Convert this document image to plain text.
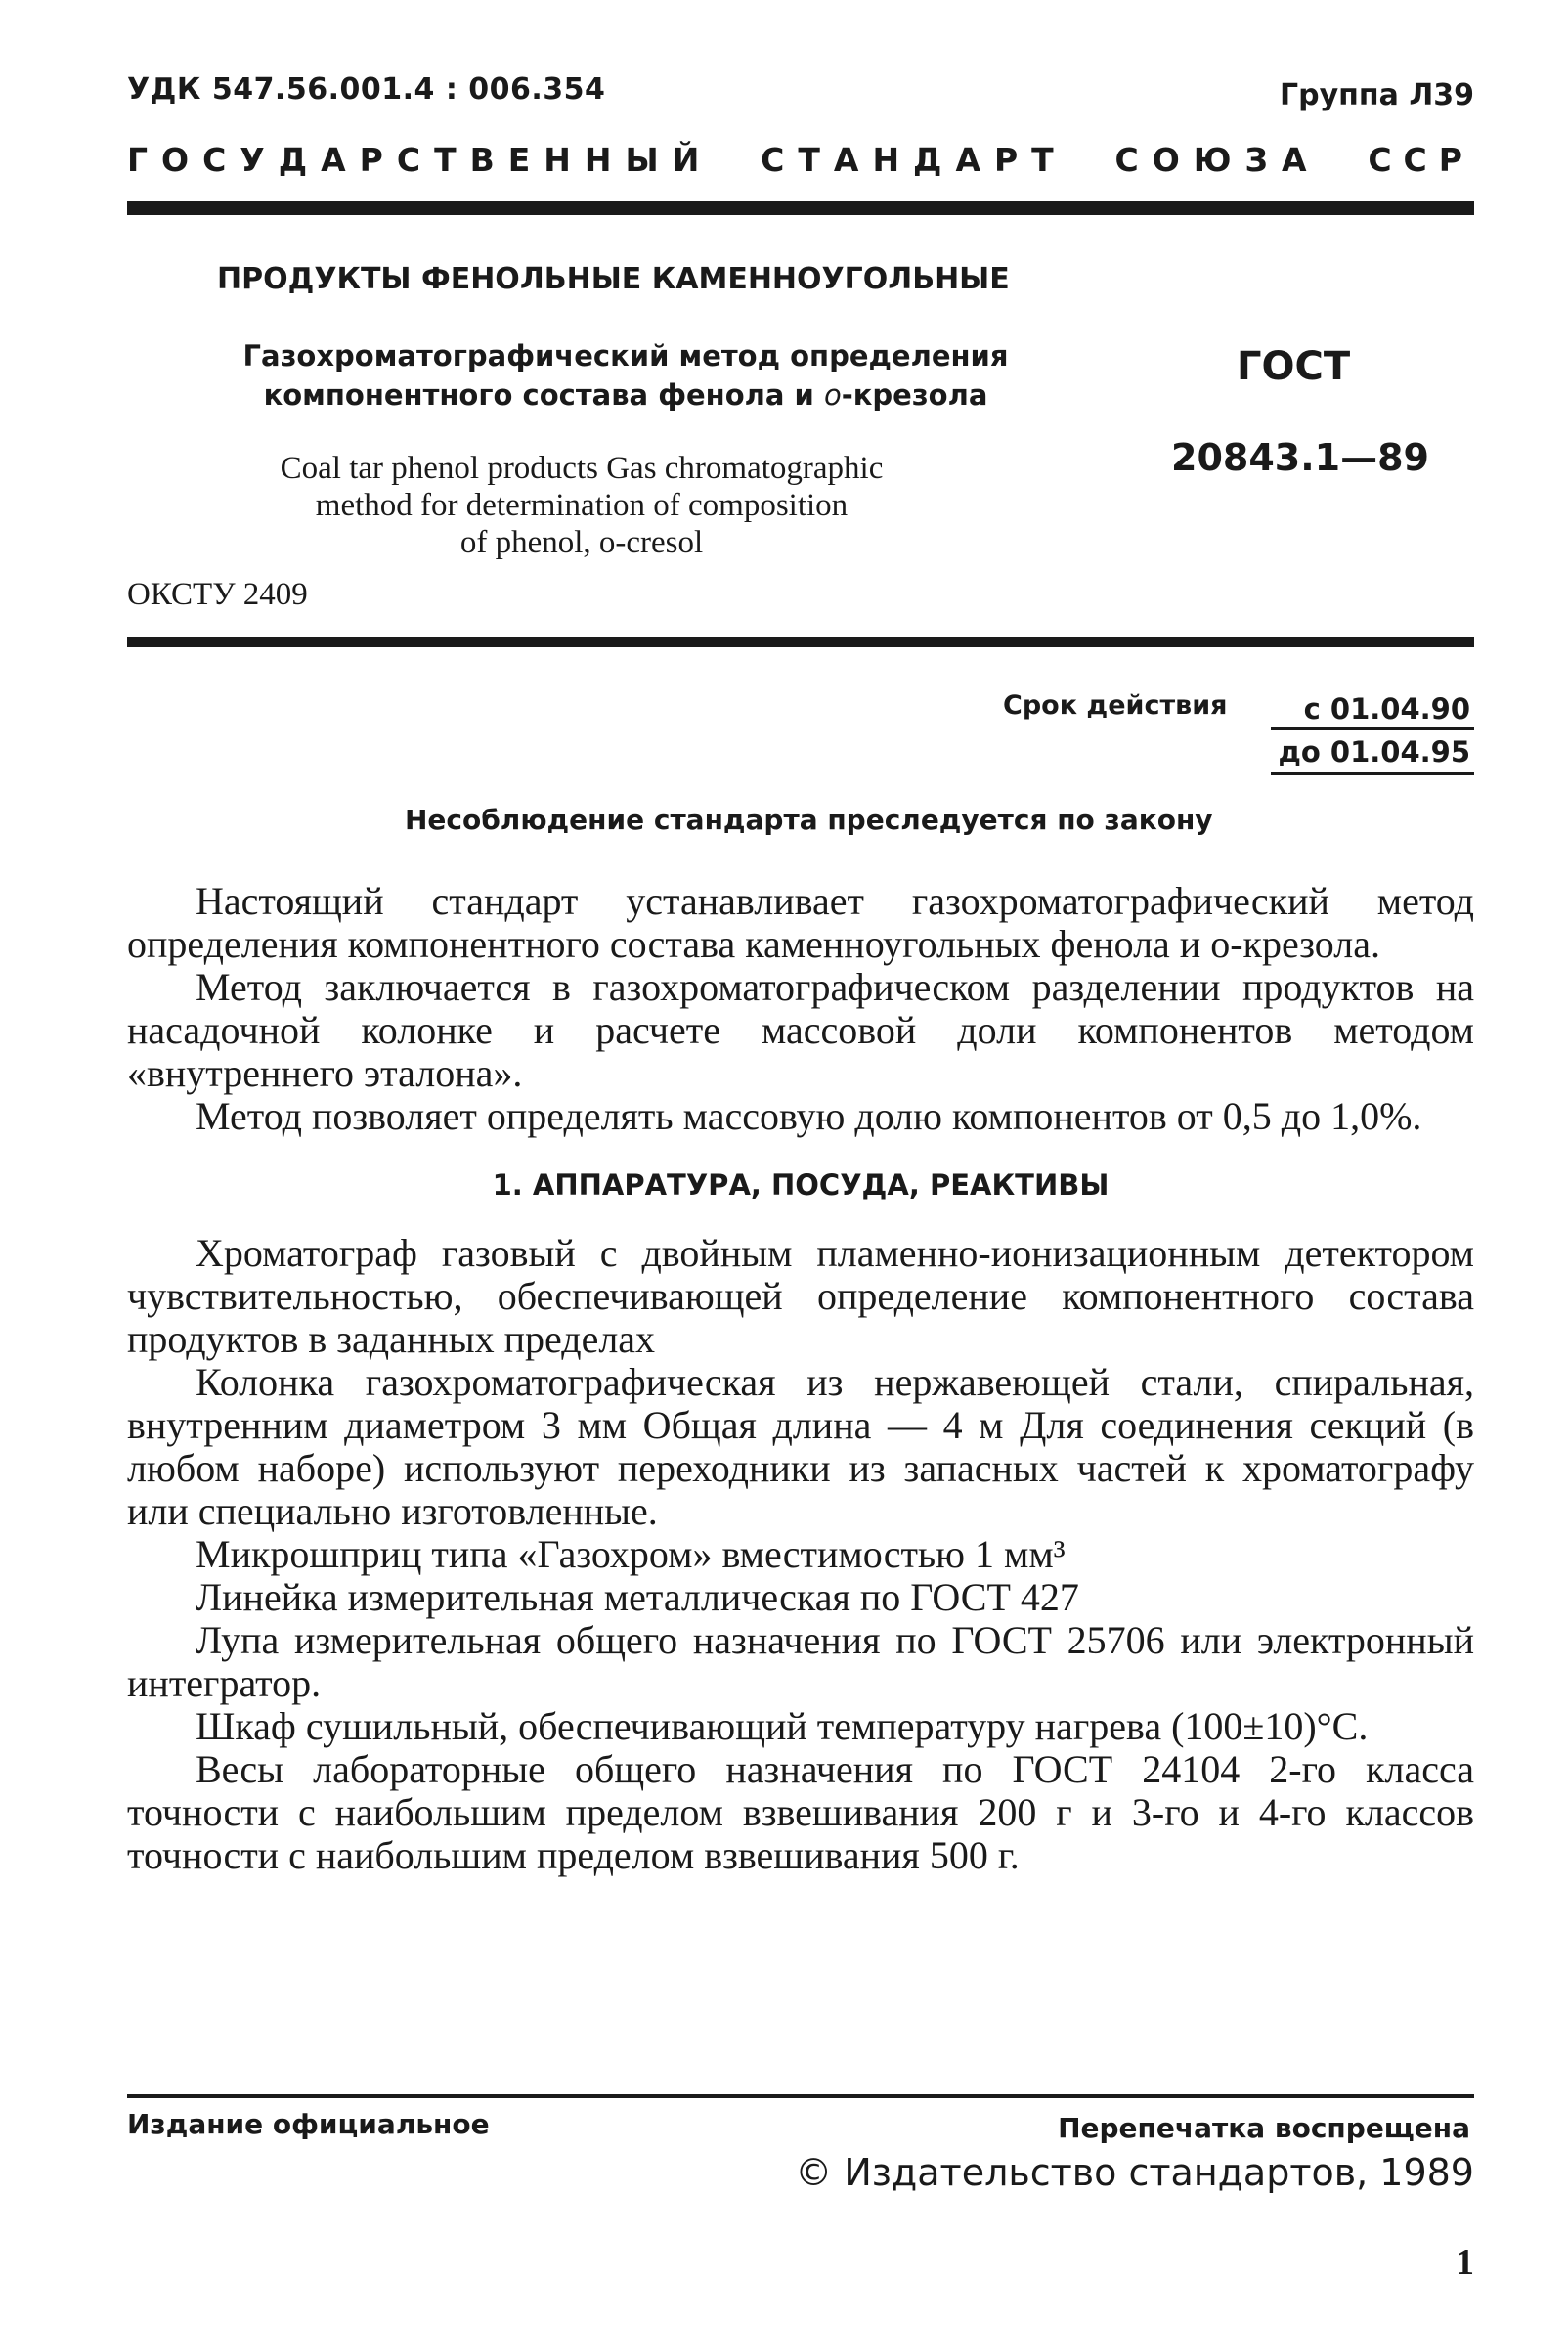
УДК 547.56.001.4 : 006.354	Группа Л39
ГОСУДАРСТВЕННЫЙ СТАНДАРТ СОЮЗА ССР
ПРОДУКТЫ ФЕНОЛЬНЫЕ КАМЕННОУГОЛЬНЫЕ
Газохроматографический метод определения
компонентного состава фенола и о-крезола
ГОСТ
20843.1—89
Coal tar phenol products Gas chromatographic
method for determination of composition
of phenol, o-cresol
ОКСТУ 2409
Срок действия	с 01.04.90
до 01.04.95
Несоблюдение стандарта преследуется по закону

Настоящий стандарт устанавливает газохроматографический метод определения компонентного состава каменноугольных фенола и о-крезола.

Метод заключается в газохроматографическом разделении продуктов на насадочной колонке и расчете массовой доли компонентов методом «внутреннего эталона».

Метод позволяет определять массовую долю компонентов от 0,5 до 1,0%.

1. АППАРАТУРА, ПОСУДА, РЕАКТИВЫ

Хроматограф газовый с двойным пламенно-ионизационным детектором чувствительностью, обеспечивающей определение компонентного состава продуктов в заданных пределах

Колонка газохроматографическая из нержавеющей стали, спиральная, внутренним диаметром 3 мм Общая длина — 4 м Для соединения секций (в любом наборе) используют переходники из запасных частей к хроматографу или специально изготовленные.

Микрошприц типа «Газохром» вместимостью 1 мм³

Линейка измерительная металлическая по ГОСТ 427

Лупа измерительная общего назначения по ГОСТ 25706 или электронный интегратор.

Шкаф сушильный, обеспечивающий температуру нагрева (100±10)°С.

Весы лабораторные общего назначения по ГОСТ 24104 2-го класса точности с наибольшим пределом взвешивания 200 г и 3-го и 4-го классов точности с наибольшим пределом взвешивания 500 г.

Издание официальное	Перепечатка воспрещена
© Издательство стандартов, 1989
1
